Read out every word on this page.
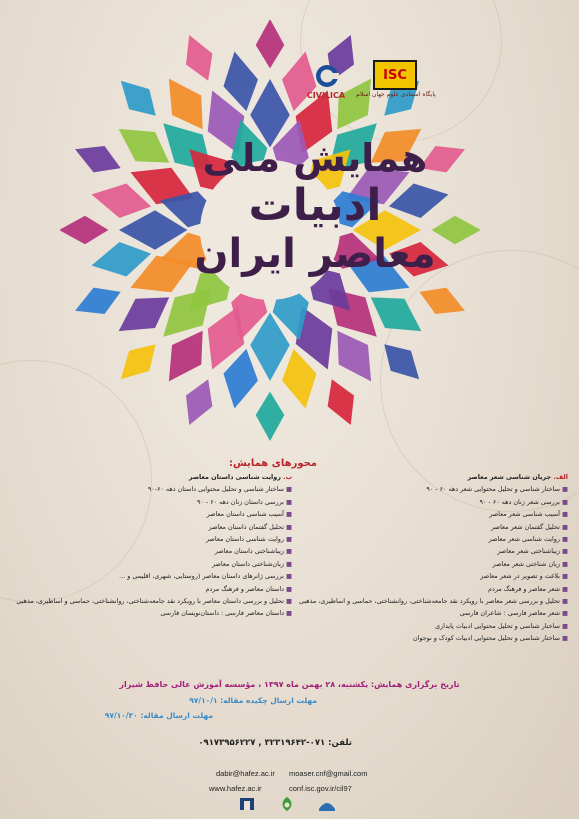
CIVILICA
ISC
پایگاه استنادی علوم جهان اسلام
همایش ملی
ادبیات
معاصر ایران
محورهای همایش:
الف. جریان شناسی شعر معاصر
■ساختار شناسی و تحلیل محتوایی شعر دهه ۶۰ - ۹۰
■بررسی شعر زنان دهه ۶۰ - ۹۰
■آسیب شناسی شعر معاصر
■تحلیل گفتمان شعر معاصر
■روایت شناسی شعر معاصر
■زیباشناختی شعر معاصر
■زبان شناختی شعر معاصر
■بلاغت و تصویر در شعر معاصر
■شعر معاصر و فرهنگ مردم
■تحلیل و بررسی شعر معاصر با رویکرد نقد جامعه‌شناختی، روانشناختی، حماسی و اساطیری، مذهبی
■شعر معاصر فارسی : شاعران فارسی
■ساختار شناسی و تحلیل محتوایی ادبیات پایداری
■ساختار شناسی و تحلیل محتوایی ادبیات کودک و نوجوان
ب. روایت شناسی داستان معاصر
■ساختار شناسی و تحلیل محتوایی داستان دهه ۶۰-۹۰
■بررسی داستان زنان دهه ۶۰ - ۹۰
■آسیب شناسی داستان معاصر
■تحلیل گفتمان داستان معاصر
■روایت شناسی داستان معاصر
■زیباشناختی داستان معاصر
■زبان‌شناختی داستان معاصر
■بررسی ژانرهای داستان معاصر (روستایی، شهری، اقلیمی و ...
■داستان معاصر و فرهنگ مردم
■تحلیل و بررسی داستان معاصر با رویکرد نقد جامعه‌شناختی، روانشناختی، حماسی و اساطیری، مذهبی
■داستان معاصر فارسی : داستان‌نویسان فارسی
تاریخ برگزاری همایش: یکشنبه، ۲۸ بهمن ماه ۱۳۹۷ ، مؤسسه آموزش عالی حافظ شیراز
مهلت ارسال چکیده مقاله: ۹۷/۱۰/۱
مهلت ارسال مقاله: ۹۷/۱۰/۲۰
تلفن: ۰۷۱-۳۲۳۱۹۶۴۲ , ۰۹۱۷۳۹۵۶۲۲۷
dabir@hafez.ac.ir moaser.cnf@gmail.com
www.hafez.ac.ir	conf.isc.gov.ir/cil97
